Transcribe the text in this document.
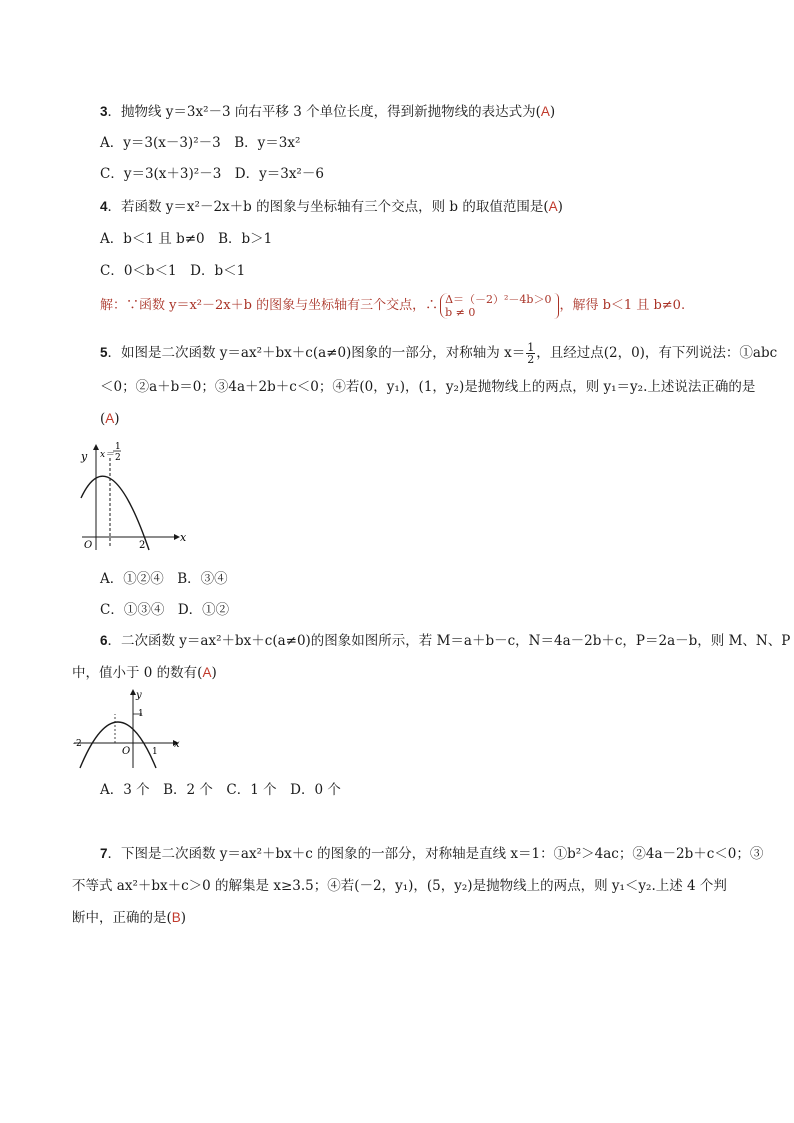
3．抛物线 y＝3x²－3 向右平移 3 个单位长度，得到新抛物线的表达式为(A)
A．y＝3(x－3)²－3　B．y＝3x²
C．y＝3(x＋3)²－3　D．y＝3x²－6
4．若函数 y＝x²－2x＋b 的图象与坐标轴有三个交点，则 b 的取值范围是(A)
A．b＜1 且 b≠0　B．b＞1
C．0＜b＜1　D．b＜1
解：∵函数 y＝x²－2x＋b 的图象与坐标轴有三个交点，∴ Δ＝（－2）²－4b＞0
b ≠ 0	，解得 b＜1 且 b≠0.
5．如图是二次函数 y＝ax²＋bx＋c(a≠0)图象的一部分，对称轴为 $x= \frac{1}{2}$ ，且经过点(2，0)，有下列说法：①abc
＜0；②a＋b＝0；③4a＋2b＋c＜0；④若(0，y₁)，(1，y₂)是抛物线上的两点，则 y₁＝y₂.上述说法正确的是
(A)
y
x
O	2
x＝
1
2
A．①②④　B．③④
C．①③④　D．①②
6．二次函数 y＝ax²＋bx＋c(a≠0)的图象如图所示，若 M＝a＋b－c，N＝4a－2b＋c，P＝2a－b，则 M、N、P
中，值小于 0 的数有(A)
y
x
O
-2
1
1
A．3 个　B．2 个　C．1 个　D．0 个
7．下图是二次函数 y＝ax²＋bx＋c 的图象的一部分，对称轴是直线 x＝1：①b²＞4ac；②4a－2b＋c＜0；③
不等式 ax²＋bx＋c＞0 的解集是 x≥3.5；④若(－2，y₁)，(5，y₂)是抛物线上的两点，则 y₁＜y₂.上述 4 个判
断中，正确的是(B)
